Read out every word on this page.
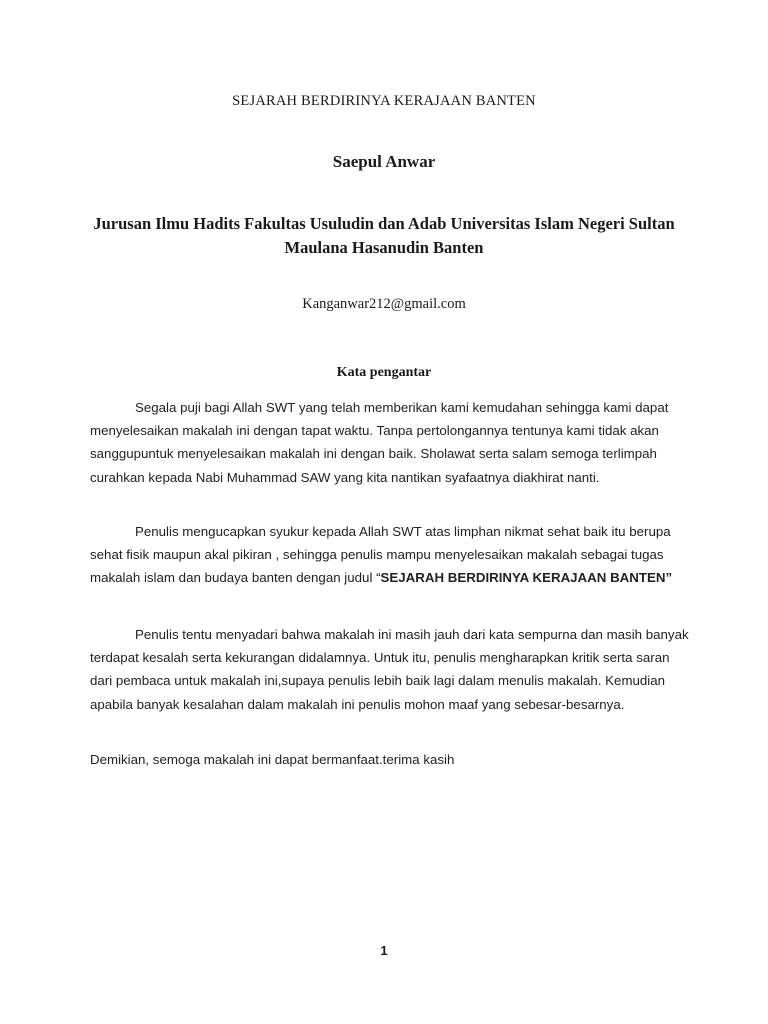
SEJARAH BERDIRINYA KERAJAAN BANTEN
Saepul Anwar
Jurusan Ilmu Hadits Fakultas Usuludin dan Adab Universitas Islam Negeri Sultan Maulana Hasanudin Banten
Kanganwar212@gmail.com
Kata pengantar
Segala puji bagi Allah SWT yang telah memberikan kami kemudahan sehingga kami dapat menyelesaikan makalah ini dengan tapat waktu. Tanpa pertolongannya tentunya kami tidak akan sanggupuntuk menyelesaikan makalah ini dengan baik. Sholawat serta salam semoga terlimpah curahkan kepada Nabi Muhammad SAW yang kita nantikan syafaatnya diakhirat nanti.
Penulis mengucapkan syukur kepada Allah SWT atas limphan nikmat sehat baik itu berupa sehat fisik maupun akal pikiran , sehingga penulis mampu menyelesaikan makalah sebagai tugas makalah islam dan budaya banten dengan judul “SEJARAH BERDIRINYA KERAJAAN BANTEN”
Penulis tentu menyadari bahwa makalah ini masih jauh dari kata sempurna dan masih banyak terdapat kesalah serta kekurangan didalamnya. Untuk itu, penulis mengharapkan kritik serta saran dari pembaca untuk makalah ini,supaya penulis lebih baik lagi dalam menulis makalah. Kemudian apabila banyak kesalahan dalam makalah ini penulis mohon maaf yang sebesar-besarnya.
Demikian, semoga makalah ini dapat bermanfaat.terima kasih
1
